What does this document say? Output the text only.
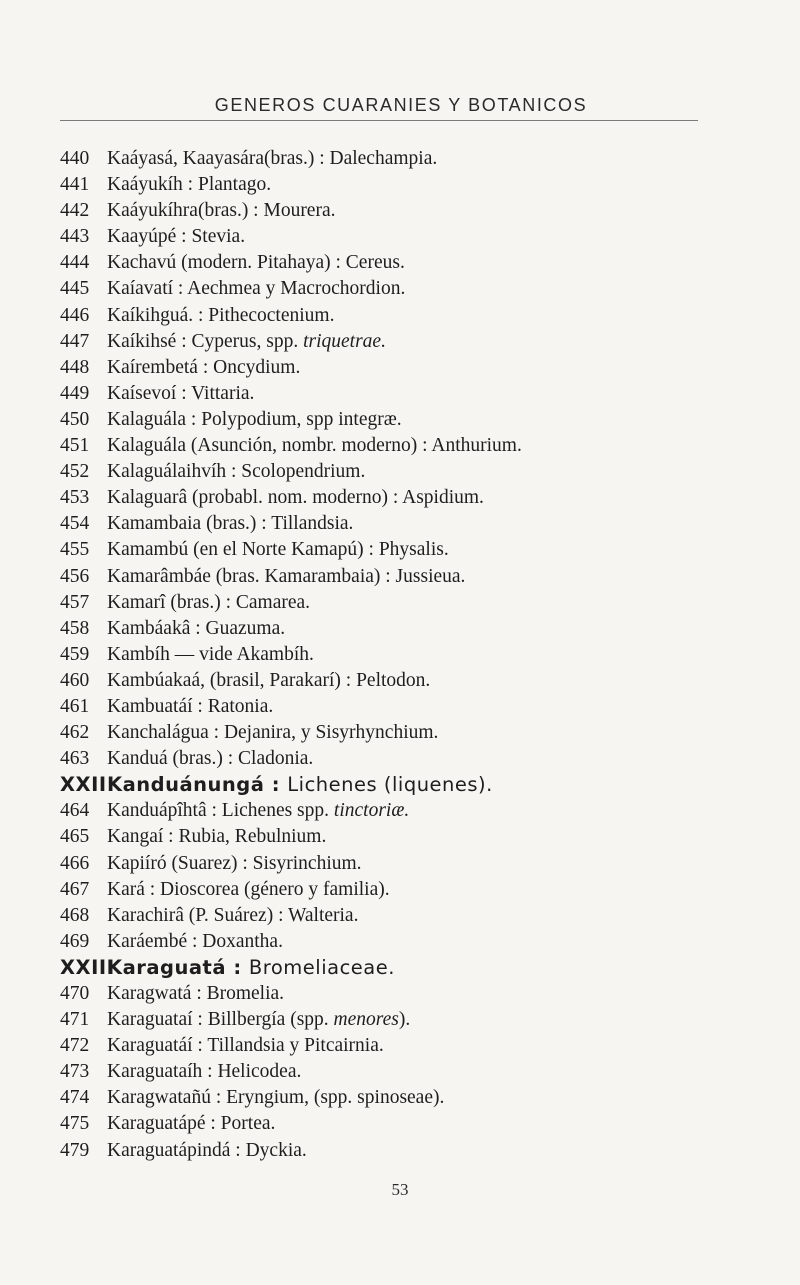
GENEROS CUARANIES Y BOTANICOS
440 Kaáyasá, Kaayasára(bras.) : Dalechampia.
441 Kaáyukíh : Plantago.
442 Kaáyukíhra(bras.) : Mourera.
443 Kaayúpé : Stevia.
444 Kachavú (modern. Pitahaya) : Cereus.
445 Kaíavatí : Aechmea y Macrochordion.
446 Kaíkihguá. : Pithecoctenium.
447 Kaíkihsé : Cyperus, spp. triquetrae.
448 Kaírembetá : Oncydium.
449 Kaísevoí : Vittaria.
450 Kalaguála : Polypodium, spp integræ.
451 Kalaguála (Asunción, nombr. moderno) : Anthurium.
452 Kalaguálaihvíh : Scolopendrium.
453 Kalaguarâ (probabl. nom. moderno) : Aspidium.
454 Kamambaia (bras.) : Tillandsia.
455 Kamambú (en el Norte Kamapú) : Physalis.
456 Kamarâmbáe (bras. Kamarambaia) : Jussieua.
457 Kamarî (bras.) : Camarea.
458 Kambáakâ : Guazuma.
459 Kambíh — vide Akambíh.
460 Kambúakaá, (brasil, Parakarí) : Peltodon.
461 Kambuatáí : Ratonia.
462 Kanchalágua : Dejanira, y Sisyrhynchium.
463 Kanduá (bras.) : Cladonia.
XXIIKanduánungá : Lichenes (liquenes).
464 Kanduápîhtâ : Lichenes spp. tinctoriæ.
465 Kangaí : Rubia, Rebulnium.
466 Kapiíró (Suarez) : Sisyrinchium.
467 Kará : Dioscorea (género y familia).
468 Karachirâ (P. Suárez) : Walteria.
469 Karáembé : Doxantha.
XXIIIKaraguatá : Bromeliaceae.
470 Karagwatá : Bromelia.
471 Karaguataí : Billbergía (spp. menores).
472 Karaguatáí : Tillandsia y Pitcairnia.
473 Karaguataíh : Helicodea.
474 Karagwatañú : Eryngium, (spp. spinoseae).
475 Karaguatápé : Portea.
479 Karaguatápindá : Dyckia.
53
